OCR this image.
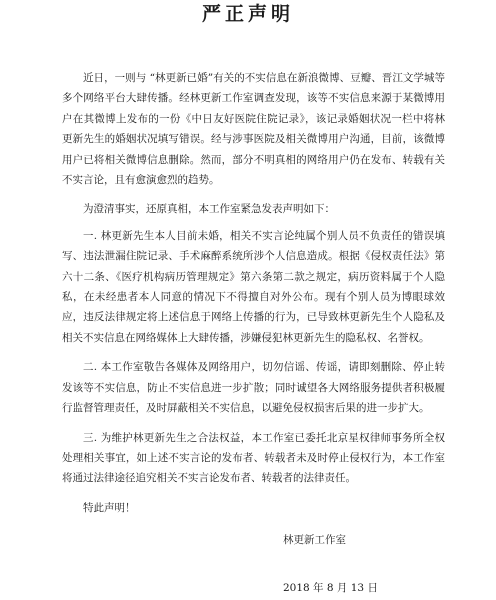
严正声明

近日，一则与 “林更新已婚”有关的不实信息在新浪微博、豆瓣、晋江文学城等多个网络平台大肆传播。经林更新工作室调查发现，该等不实信息来源于某微博用户在其微博上发布的一份《中日友好医院住院记录》，该记录婚姻状况一栏中将林更新先生的婚姻状况填写错误。经与涉事医院及相关微博用户沟通，目前，该微博用户已将相关微博信息删除。然而，部分不明真相的网络用户仍在发布、转载有关不实言论，且有愈演愈烈的趋势。

为澄清事实，还原真相，本工作室紧急发表声明如下：

一. 林更新先生本人目前未婚，相关不实言论纯属个别人员不负责任的错误填写、违法泄漏住院记录、手术麻醉系统所涉个人信息造成。根据《侵权责任法》第六十二条、《医疗机构病历管理规定》第六条第二款之规定，病历资料属于个人隐私，在未经患者本人同意的情况下不得擅自对外公布。现有个别人员为博眼球效应，违反法律规定将上述信息于网络上传播的行为，已导致林更新先生个人隐私及相关不实信息在网络媒体上大肆传播，涉嫌侵犯林更新先生的隐私权、名誉权。

二. 本工作室敬告各媒体及网络用户，切勿信谣、传谣，请即刻删除、停止转发该等不实信息，防止不实信息进一步扩散；同时诚望各大网络服务提供者积极履行监督管理责任，及时屏蔽相关不实信息，以避免侵权损害后果的进一步扩大。

三. 为维护林更新先生之合法权益，本工作室已委托北京星权律师事务所全权处理相关事宜，如上述不实言论的发布者、转载者未及时停止侵权行为，本工作室将通过法律途径追究相关不实言论发布者、转载者的法律责任。

特此声明！

林更新工作室
2018 年 8 月 13 日
